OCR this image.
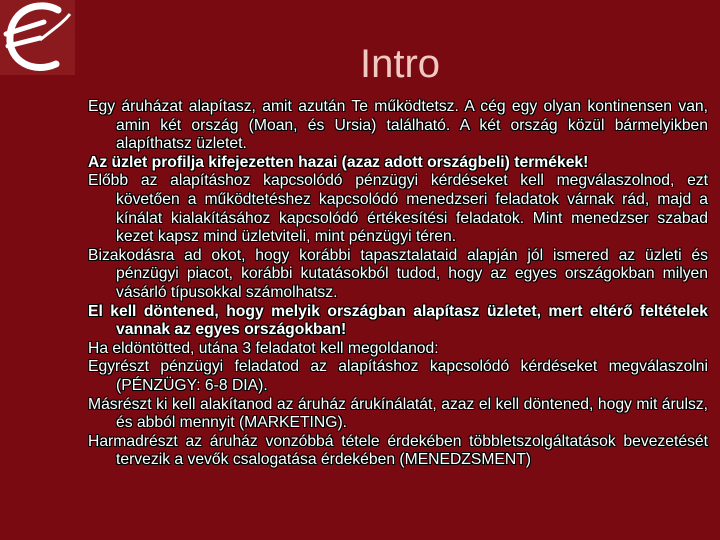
Intro

Egy áruházat alapítasz, amit azután Te működtetsz. A cég egy olyan kontinensen van, amin két ország (Moan, és Ursia) található. A két ország közül bármelyikben alapíthatsz üzletet.

Az üzlet profilja kifejezetten hazai (azaz adott országbeli) termékek!

Előbb az alapításhoz kapcsolódó pénzügyi kérdéseket kell megválaszolnod, ezt követően a működtetéshez kapcsolódó menedzseri feladatok várnak rád, majd a kínálat kialakításához kapcsolódó értékesítési feladatok. Mint menedzser szabad kezet kapsz mind üzletviteli, mint pénzügyi téren.

Bizakodásra ad okot, hogy korábbi tapasztalataid alapján jól ismered az üzleti és pénzügyi piacot, korábbi kutatásokból tudod, hogy az egyes országokban milyen vásárló típusokkal számolhatsz.

El kell döntened, hogy melyik országban alapítasz üzletet, mert eltérő feltételek vannak az egyes országokban!

Ha eldöntötted, utána 3 feladatot kell megoldanod:

Egyrészt pénzügyi feladatod az alapításhoz kapcsolódó kérdéseket megválaszolni (PÉNZÜGY: 6-8 DIA).

Másrészt ki kell alakítanod az áruház árukínálatát, azaz el kell döntened, hogy mit árulsz, és abból mennyit (MARKETING).

Harmadrészt az áruház vonzóbbá tétele érdekében többletszolgáltatások bevezetését tervezik a vevők csalogatása érdekében (MENEDZSMENT)
